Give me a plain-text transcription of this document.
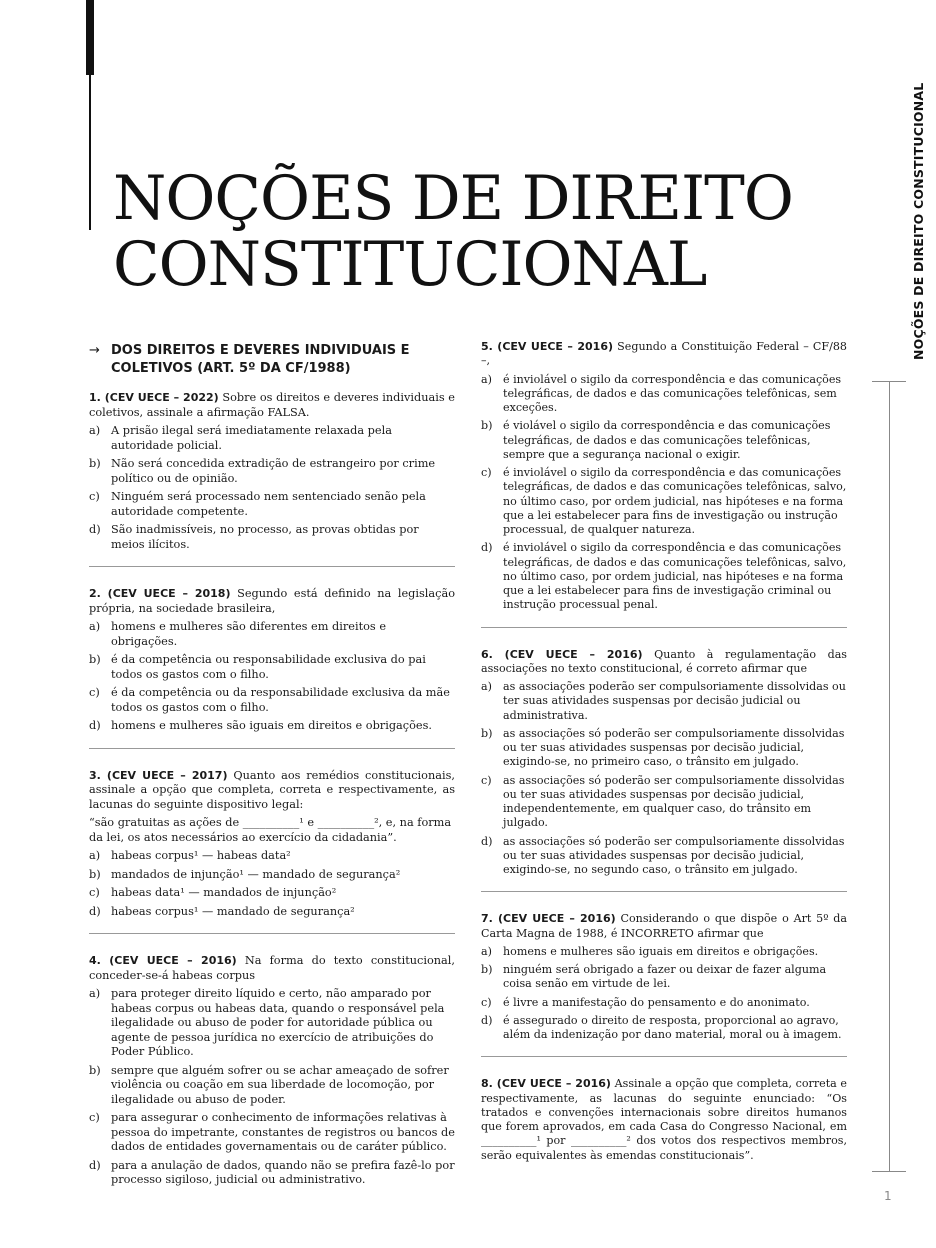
NOÇÕES DE DIREITO
CONSTITUCIONAL	NOÇÕES DE DIREITO CONSTITUCIONAL
1
→ DOS DIREITOS E DEVERES INDIVIDUAIS E COLETIVOS (ART. 5º DA CF/1988)

1. (CEV UECE – 2022) Sobre os direitos e deveres individuais e coletivos, assinale a afirmação FALSA.

a) A prisão ilegal será imediatamente relaxada pela autoridade policial.
b) Não será concedida extradição de estrangeiro por crime político ou de opinião.
c) Ninguém será processado nem sentenciado senão pela autoridade competente.
d) São inadmissíveis, no processo, as provas obtidas por meios ilícitos.

2. (CEV UECE – 2018) Segundo está definido na legislação própria, na sociedade brasileira,

a) homens e mulheres são diferentes em direitos e obrigações.
b) é da competência ou responsabilidade exclusiva do pai todos os gastos com o filho.
c) é da competência ou da responsabilidade exclusiva da mãe todos os gastos com o filho.
d) homens e mulheres são iguais em direitos e obrigações.

3. (CEV UECE – 2017) Quanto aos remédios constitucionais, assinale a opção que completa, correta e respectivamente, as lacunas do seguinte dispositivo legal:

“são gratuitas as ações de __________¹ e __________², e, na forma da lei, os atos necessários ao exercício da cidadania”.

a) habeas corpus¹ — habeas data²
b) mandados de injunção¹ — mandado de segurança²
c) habeas data¹ — mandados de injunção²
d) habeas corpus¹ — mandado de segurança²

4. (CEV UECE – 2016) Na forma do texto constitucional, conceder-se-á habeas corpus

a) para proteger direito líquido e certo, não amparado por habeas corpus ou habeas data, quando o responsável pela ilegalidade ou abuso de poder for autoridade pública ou agente de pessoa jurídica no exercício de atribuições do Poder Público.
b) sempre que alguém sofrer ou se achar ameaçado de sofrer violência ou coação em sua liberdade de locomoção, por ilegalidade ou abuso de poder.
c) para assegurar o conhecimento de informações relativas à pessoa do impetrante, constantes de registros ou bancos de dados de entidades governamentais ou de caráter público.
d) para a anulação de dados, quando não se prefira fazê-lo por processo sigiloso, judicial ou administrativo.

5. (CEV UECE – 2016) Segundo a Constituição Federal – CF/88 –,

a) é inviolável o sigilo da correspondência e das comunicações telegráficas, de dados e das comunicações telefônicas, sem exceções.
b) é violável o sigilo da correspondência e das comunicações telegráficas, de dados e das comunicações telefônicas, sempre que a segurança nacional o exigir.
c)	é inviolável o sigilo da correspondência e das comunicações telegráficas, de dados e das comunicações telefônicas, salvo, no último caso, por ordem judicial, nas hipóteses e na forma que a lei estabelecer para fins de investigação ou instrução processual, de qualquer natureza.
d) é inviolável o sigilo da correspondência e das comunicações telegráficas, de dados e das comunicações telefônicas, salvo, no último caso, por ordem judicial, nas hipóteses e na forma que a lei estabelecer para fins de investigação criminal ou instrução processual penal.

6. (CEV UECE – 2016) Quanto à regulamentação das associações no texto constitucional, é correto afirmar que

a) as associações poderão ser compulsoriamente dissolvidas ou ter suas atividades suspensas por decisão judicial ou administrativa.
b) as associações só poderão ser compulsoriamente dissolvidas ou ter suas atividades suspensas por decisão judicial, exigindo-se, no primeiro caso, o trânsito em julgado.
c)	as associações só poderão ser compulsoriamente dissolvidas ou ter suas atividades suspensas por decisão judicial, independentemente, em qualquer caso, do trânsito em julgado.
d) as associações só poderão ser compulsoriamente dissolvidas ou ter suas atividades suspensas por decisão judicial, exigindo-se, no segundo caso, o trânsito em julgado.

7. (CEV UECE – 2016) Considerando o que dispõe o Art 5º da Carta Magna de 1988, é INCORRETO afirmar que

a) homens e mulheres são iguais em direitos e obrigações.
b) ninguém será obrigado a fazer ou deixar de fazer alguma coisa senão em virtude de lei.
c)	é livre a manifestação do pensamento e do anonimato.
d) é assegurado o direito de resposta, proporcional ao agravo, além da indenização por dano material, moral ou à imagem.

8. (CEV UECE – 2016) Assinale a opção que completa, correta e respectivamente, as lacunas do seguinte enunciado: “Os tratados e convenções internacionais sobre direitos humanos que forem aprovados, em cada Casa do Congresso Nacional, em __________¹ por __________² dos votos dos respectivos membros, serão equivalentes às emendas constitucionais”.
